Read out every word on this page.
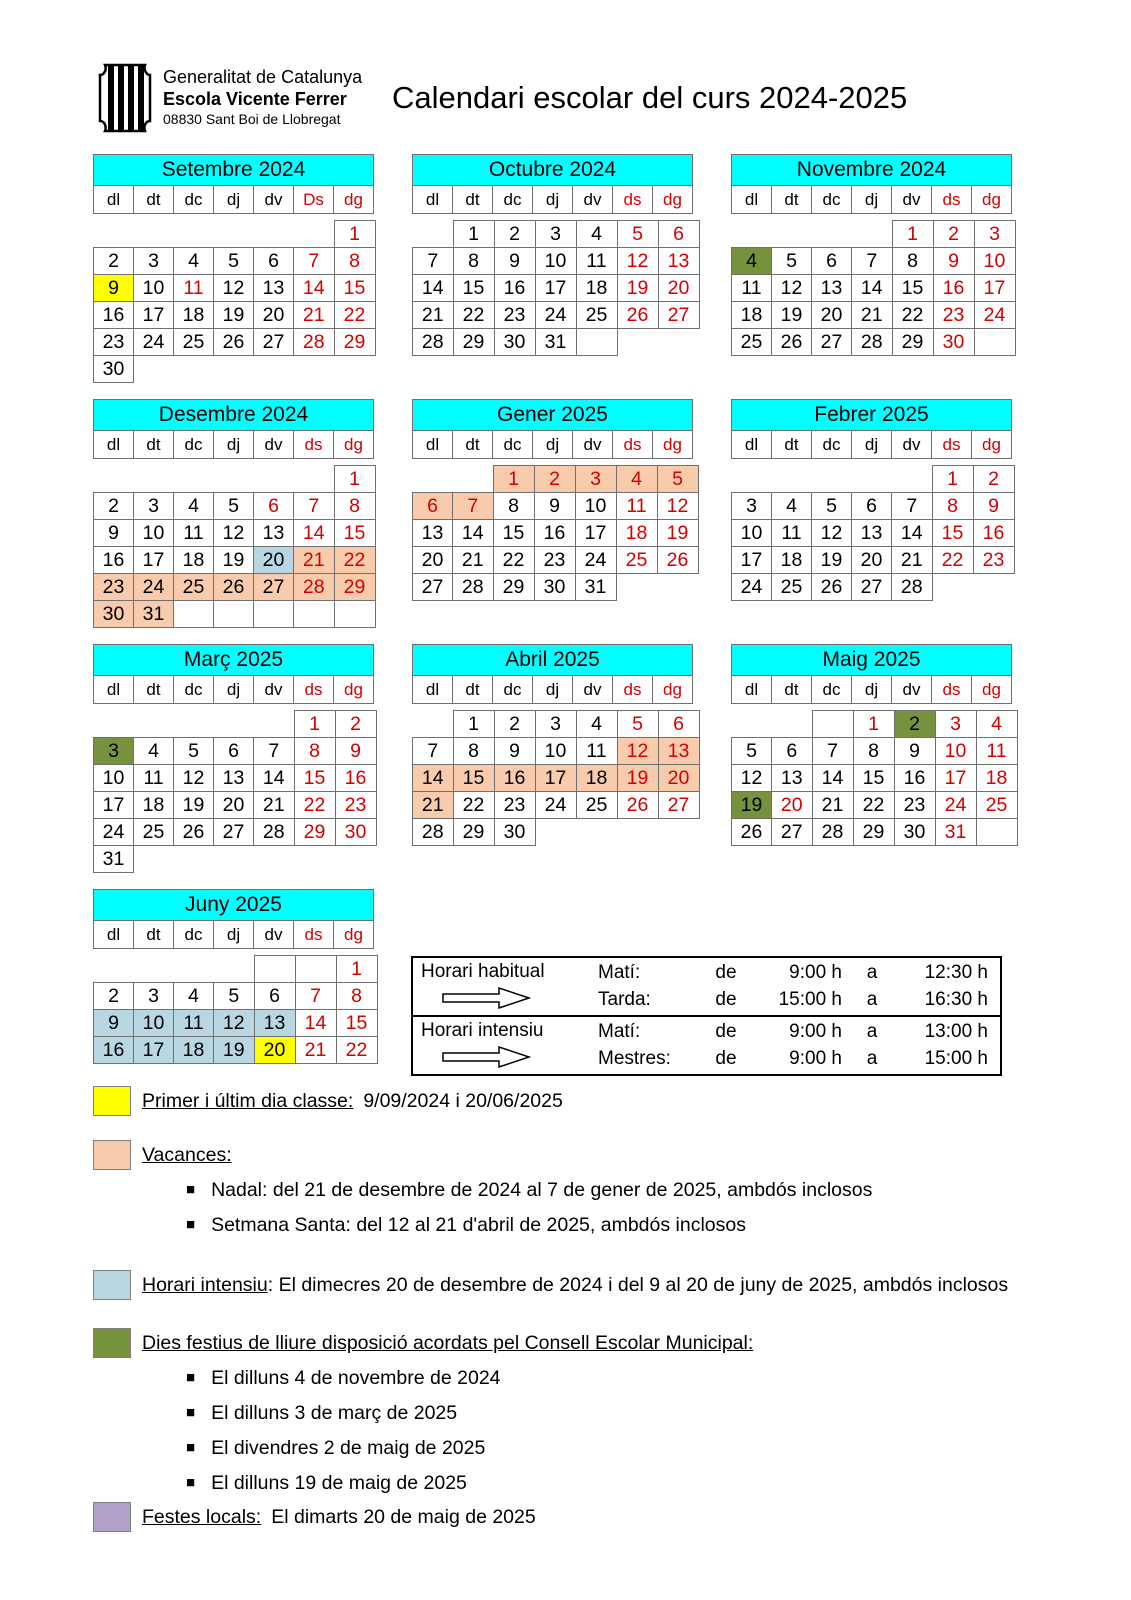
Generalitat de Catalunya
Escola Vicente Ferrer
08830 Sant Boi de Llobregat
Calendari escolar del curs 2024-2025
Setembre 2024
dl	dt	dc	dj	dv	Ds	dg
						1
2	3	4	5	6	7	8
9	10	11	12	13	14	15
16	17	18	19	20	21	22
23	24	25	26	27	28	29
30						
Octubre 2024
dl	dt	dc	dj	dv	ds	dg
	1	2	3	4	5	6
7	8	9	10	11	12	13
14	15	16	17	18	19	20
21	22	23	24	25	26	27
28	29	30	31			
Novembre 2024
dl	dt	dc	dj	dv	ds	dg
				1	2	3
4	5	6	7	8	9	10
11	12	13	14	15	16	17
18	19	20	21	22	23	24
25	26	27	28	29	30	
Desembre 2024
dl	dt	dc	dj	dv	ds	dg
						1
2	3	4	5	6	7	8
9	10	11	12	13	14	15
16	17	18	19	20	21	22
23	24	25	26	27	28	29
30	31					
Gener 2025
dl	dt	dc	dj	dv	ds	dg
		1	2	3	4	5
6	7	8	9	10	11	12
13	14	15	16	17	18	19
20	21	22	23	24	25	26
27	28	29	30	31		
Febrer 2025
dl	dt	dc	dj	dv	ds	dg
					1	2
3	4	5	6	7	8	9
10	11	12	13	14	15	16
17	18	19	20	21	22	23
24	25	26	27	28		
Març 2025
dl	dt	dc	dj	dv	ds	dg
					1	2
3	4	5	6	7	8	9
10	11	12	13	14	15	16
17	18	19	20	21	22	23
24	25	26	27	28	29	30
31						
Abril 2025
dl	dt	dc	dj	dv	ds	dg
	1	2	3	4	5	6
7	8	9	10	11	12	13
14	15	16	17	18	19	20
21	22	23	24	25	26	27
28	29	30				
Maig 2025
dl	dt	dc	dj	dv	ds	dg
			1	2	3	4
5	6	7	8	9	10	11
12	13	14	15	16	17	18
19	20	21	22	23	24	25
26	27	28	29	30	31	
Juny 2025
dl	dt	dc	dj	dv	ds	dg
						1
2	3	4	5	6	7	8
9	10	11	12	13	14	15
16	17	18	19	20	21	22
Horari habitual	Matí:	de	9:00 h	a	12:30 h
Tarda:	de	15:00 h	a	16:30 h
Horari intensiu	Matí:	de	9:00 h	a	13:00 h
Mestres:	de	9:00 h	a	15:00 h
Primer i últim dia classe: 9/09/2024 i 20/06/2025
Vacances:
■ Nadal: del 21 de desembre de 2024 al 7 de gener de 2025, ambdós inclosos
■ Setmana Santa: del 12 al 21 d'abril de 2025, ambdós inclosos
Horari intensiu: El dimecres 20 de desembre de 2024 i del 9 al 20 de juny de 2025, ambdós inclosos
Dies festius de lliure disposició acordats pel Consell Escolar Municipal:
■ El dilluns 4 de novembre de 2024
■ El dilluns 3 de març de 2025
■ El divendres 2 de maig de 2025
■ El dilluns 19 de maig de 2025
Festes locals: El dimarts 20 de maig de 2025
